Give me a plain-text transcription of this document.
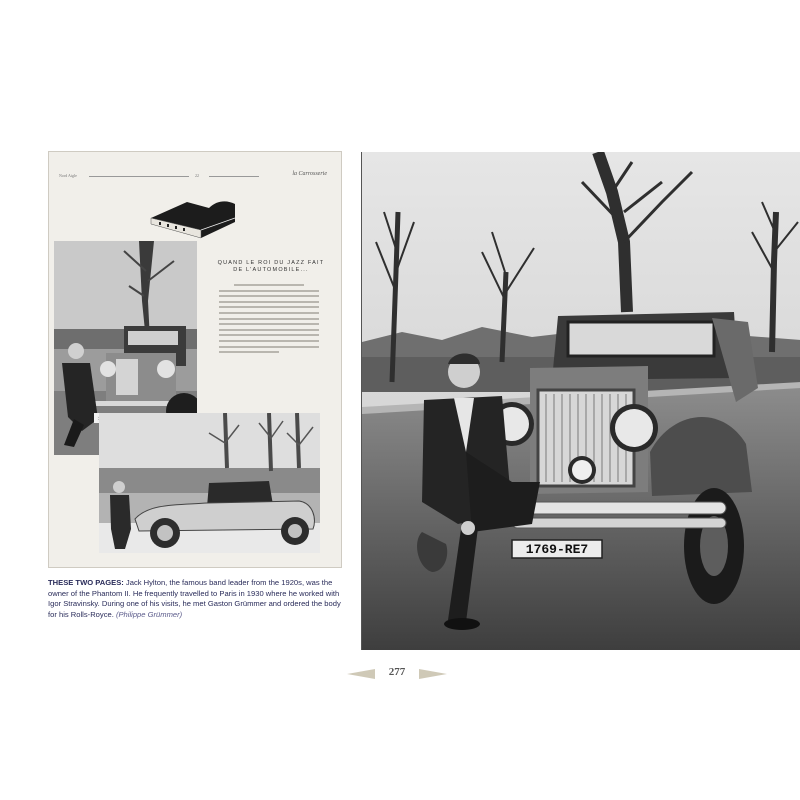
Nord Aigle	22	la Carrosserie
QUAND LE ROI DU JAZZ FAIT DE L'AUTOMOBILE...
THESE TWO PAGES: Jack Hylton, the famous band leader from the 1920s, was the owner of the Phantom II. He frequently travelled to Paris in 1930 where he worked with Igor Stravinsky. During one of his visits, he met Gaston Grümmer and ordered the body for his Rolls-Royce. (Philippe Grümmer)
1769-RE7
277
